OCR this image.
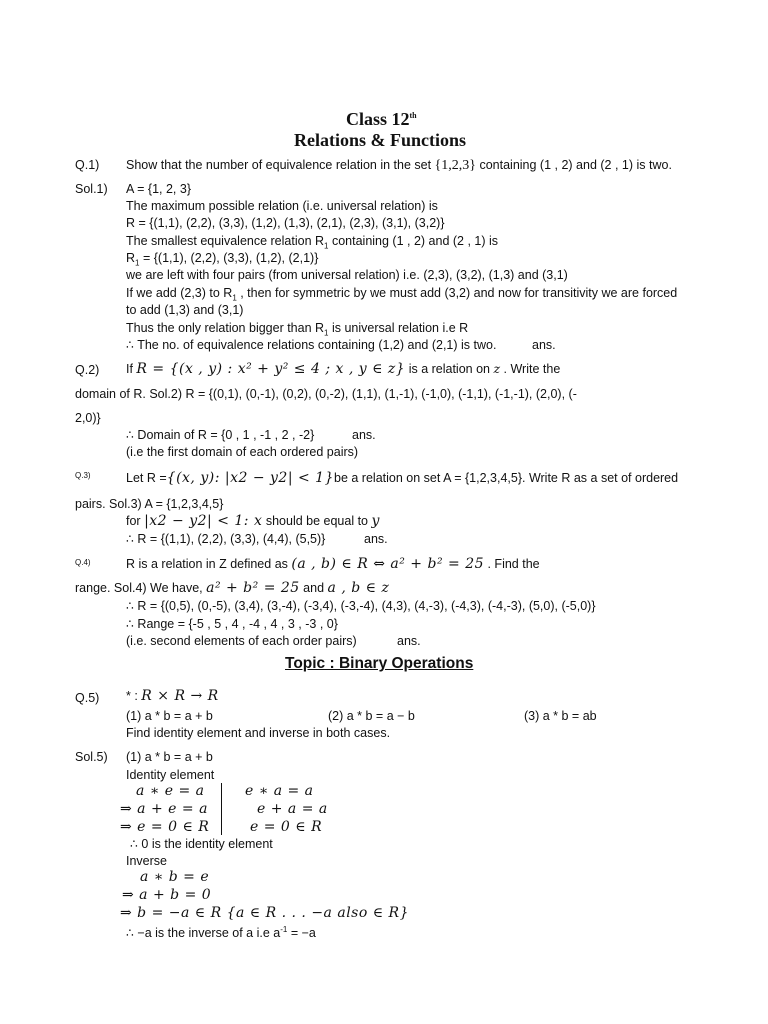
Class 12th
Relations & Functions
Q.1) Show that the number of equivalence relation in the set {1,2,3} containing (1 , 2) and (2 , 1) is two.
Sol.1) A = {1, 2, 3}
The maximum possible relation (i.e. universal relation) is
R = {(1,1), (2,2), (3,3), (1,2), (1,3), (2,1), (2,3), (3,1), (3,2)}
The smallest equivalence relation $R_1$ containing (1 , 2) and (2 , 1) is
$R_1 = \{(1,1)$, (2,2), (3,3), (1,2), (2,1)}
we are left with four pairs (from universal relation) i.e. (2,3), (3,2), (1,3) and (3,1)
If we add (2,3) to $R_1$ , then for symmetric by we must add (3,2) and now for transitivity we are forced
to add (1,3) and (3,1)
Thus the only relation bigger than $R_1$ is universal relation i.e R
∴ The no. of equivalence relations containing (1,2) and (2,1) is two.	ans.
Q.2) If R = {(x , y) : x² + y² ≤ 4 ; x , y ∈ z} is a relation on z . Write the
domain of R. Sol.2) R = {(0,1), (0,-1), (0,2), (0,-2), (1,1), (1,-1), (-1,0), (-1,1), (-1,-1), (2,0), (-
2,0)}
∴ Domain of R = {0 , 1 , -1 , 2 , -2}	ans.
(i.e the first domain of each ordered pairs)
Q.3)	Let R ={(x, y): |x2 − y2| < 1}be a relation on set A = {1,2,3,4,5}. Write R as a set of ordered
pairs. Sol.3) A = {1,2,3,4,5}
for |x2 − y2| < 1: x should be equal to y
∴ R = {(1,1), (2,2), (3,3), (4,4), (5,5)}	ans.
Q.4)	R is a relation in Z defined as (a , b) ∈ R ⇔ a² + b² = 25 . Find the
range. Sol.4) We have, a² + b² = 25 and a , b ∈ z
∴ R = {(0,5), (0,-5), (3,4), (3,-4), (-3,4), (-3,-4), (4,3), (4,-3), (-4,3), (-4,-3), (5,0), (-5,0)}
∴ Range = {-5 , 5 , 4 , -4 , 4 , 3 , -3 , 0}
(i.e. second elements of each order pairs)	ans.
Topic : Binary Operations
Q.5) * : R × R → R
(1) a * b = a + b	(2) a * b = a − b	(3) a * b = ab
Find identity element and inverse in both cases.
Sol.5) (1) a * b = a + b
Identity element
a ∗ e = a	e ∗ a = a
⇒ a + e = a	e + a = a
⇒ e = 0 ∈ R	e = 0 ∈ R
∴ 0 is the identity element
Inverse
a ∗ b = e
⇒ a + b = 0
⇒ b = −a ∈ R {a ∈ R . . . −a also ∈ R}
∴ −a is the inverse of a i.e $a^{-1} = -a$
